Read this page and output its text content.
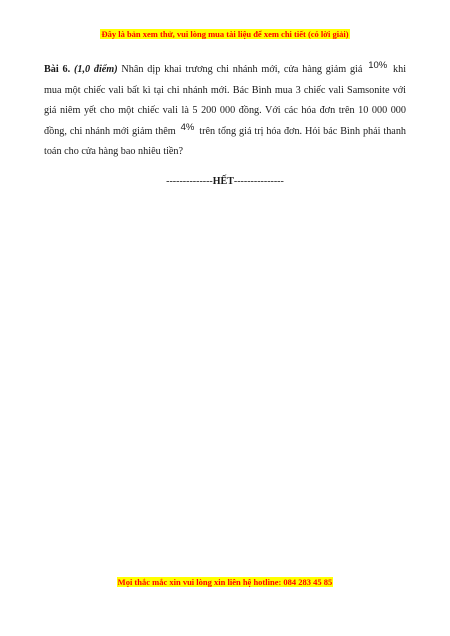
Đây là bản xem thử, vui lòng mua tài liệu để xem chi tiết (có lời giải)
Bài 6. (1,0 điểm) Nhân dịp khai trương chi nhánh mới, cửa hàng giảm giá 10% khi mua một chiếc vali bất kì tại chi nhánh mới. Bác Bình mua 3 chiếc vali Samsonite với giá niêm yết cho một chiếc vali là 5 200 000 đồng. Với các hóa đơn trên 10 000 000 đồng, chi nhánh mới giảm thêm 4% trên tổng giá trị hóa đơn. Hỏi bác Bình phải thanh toán cho cửa hàng bao nhiêu tiền?
--------------HẾT---------------
Mọi thắc mắc xin vui lòng xin liên hệ hotline: 084 283 45 85
